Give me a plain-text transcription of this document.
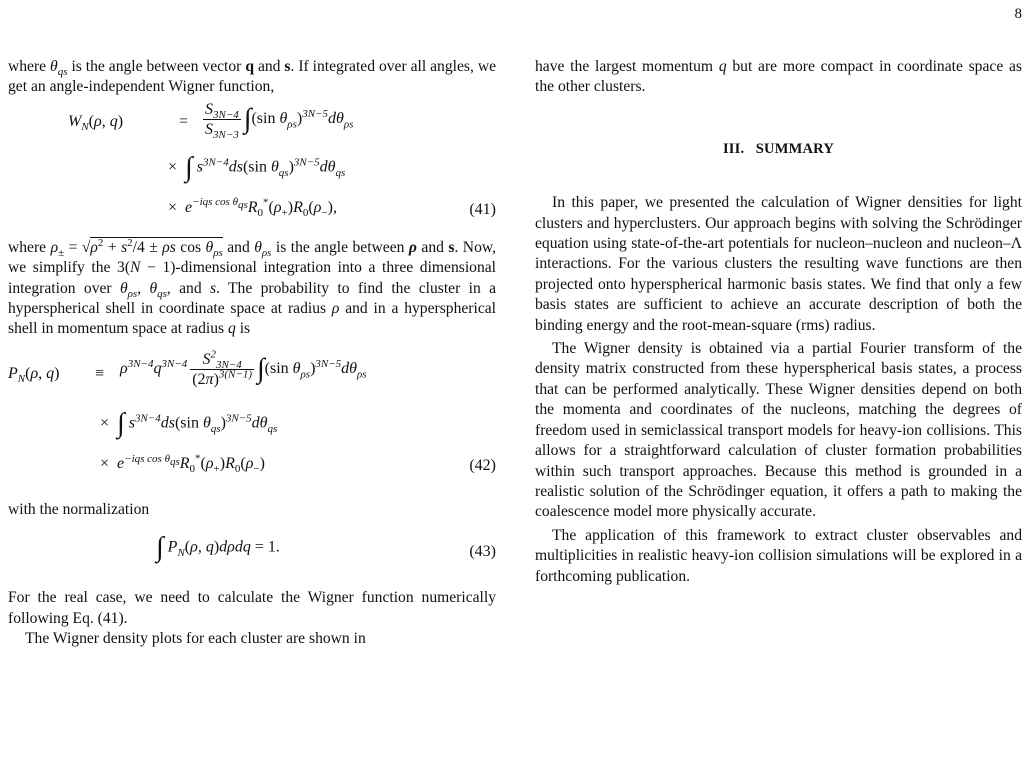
8

where $\theta_{qs}$ is the angle between vector q and s. If integrated over all angles, we get an angle-independent Wigner function,

$W_N(\rho$, q)	= $\frac{S_{3N-4}}{S_{3N-3}} \int(\sin$ $\theta_{\rho s})^{3N-5}d\theta_{\rho s}$
×  ∫ $s^{3N-4}ds(\sin$ $\theta_{qs})^{3N-5}d\theta_{qs}$
×  $e^{-iqs cos \theta_{qs}}R_0^*(\rho_+)R_0(\rho_-)$,	(41)

where $\rho_\pm = √\rho^2 + s^2/4 \pm \rho s$ $\cos \theta_{\rho s}$ and $\theta_{\rho s}$ is the angle between ρ and s. Now, we simplify the 3(N − 1)-dimensional integration into a three dimensional integration over $\theta_{\rho s}$, $\theta_{qs}$, and s. The probability to find the cluster in a hyperspherical shell in coordinate space at radius ρ and in a hyperspherical shell in momentum space at radius q is

$P_N(\rho$, $q) \equiv \rho^{3N-4}q^{3N-4} \frac{S^2_{3N-4}}{(2\pi)^{3(N-1)}} \int(\sin$ $\theta_{\rho s})^{3N-5}d\theta_{\rho s}$
×  ∫ $s^{3N-4}ds(\sin$ $\theta_{qs})^{3N-5}d\theta_{qs}$
×  $e^{-iqs cos \theta_{qs}}R_0^*(\rho_+)R_0(\rho_-)$	(42)

with the normalization

∫ $P_N(\rho$, q)dρdq = 1.	(43)

For the real case, we need to calculate the Wigner function numerically following Eq. (41).

The Wigner density plots for each cluster are shown in

have the largest momentum q but are more compact in coordinate space as the other clusters.

III.   SUMMARY

In this paper, we presented the calculation of Wigner densities for light clusters and hyperclusters. Our approach begins with solving the Schrödinger equation using state-of-the-art potentials for nucleon–nucleon and nucleon–Λ interactions. For the various clusters the resulting wave functions are then projected onto hyperspherical harmonic basis states. We find that only a few basis states are sufficient to achieve an accurate description of both the binding energy and the root-mean-square (rms) radius.

The Wigner density is obtained via a partial Fourier transform of the density matrix constructed from these hyperspherical basis states, a process that can be performed analytically. These Wigner densities depend on both the momenta and coordinates of the nucleons, matching the degrees of freedom used in semiclassical transport models for heavy-ion collisions. This allows for a straightforward calculation of cluster formation probabilities within such transport approaches. Because this method is grounded in a realistic solution of the Schrödinger equation, it offers a path to making the coalescence model more physically accurate.

The application of this framework to extract cluster observables and multiplicities in realistic heavy-ion collision simulations will be explored in a forthcoming publication.
